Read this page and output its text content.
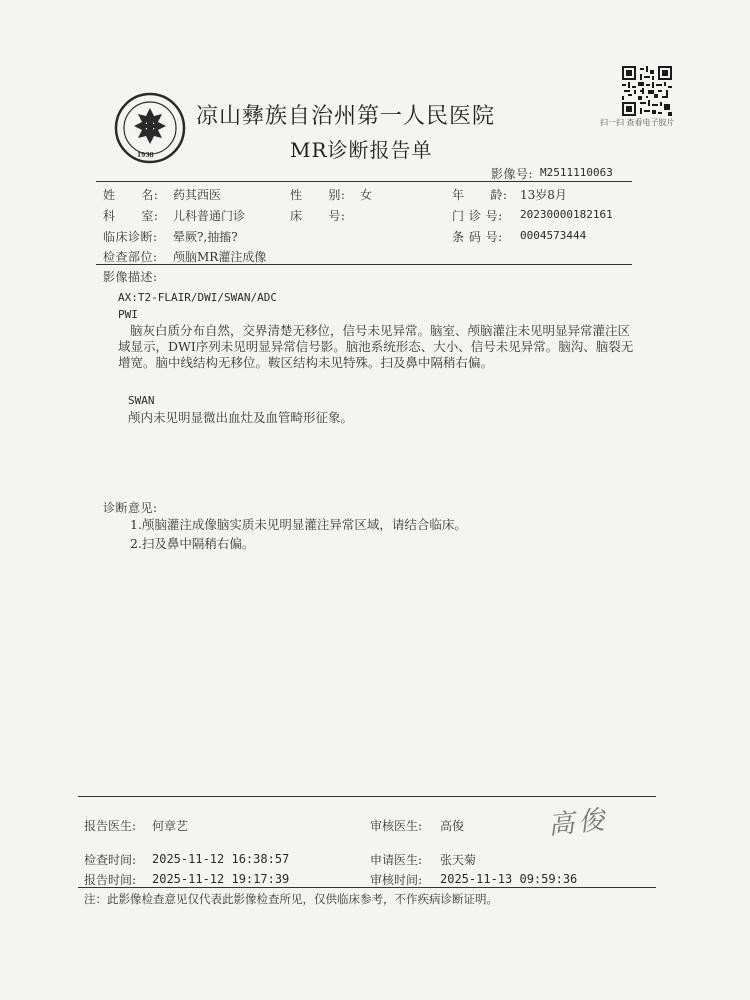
1938
凉山彝族自治州第一人民医院
MR诊断报告单
扫一扫 查看电子胶片
影像号: M2511110063
姓      名: 药其西医	性      别: 女	年      龄: 13岁8月
科      室: 儿科普通门诊	床      号:	门 诊 号: 20230000182161
临床诊断: 晕厥?,抽搐?	条 码 号: 0004573444
检查部位: 颅脑MR灌注成像
影像描述:
AX:T2-FLAIR/DWI/SWAN/ADC
PWI
脑灰白质分布自然，交界清楚无移位，信号未见异常。脑室、颅脑灌注未见明显异常灌注区域显示，DWI序列未见明显异常信号影。脑池系统形态、大小、信号未见异常。脑沟、脑裂无增宽。脑中线结构无移位。鞍区结构未见特殊。扫及鼻中隔稍右偏。
SWAN
颅内未见明显微出血灶及血管畸形征象。
诊断意见:
1.颅脑灌注成像脑实质未见明显灌注异常区域，请结合临床。
2.扫及鼻中隔稍右偏。
报告医生: 何章艺	审核医生: 高俊	高俊
检查时间: 2025-11-12 16:38:57	申请医生: 张天菊
报告时间: 2025-11-12 19:17:39	审核时间: 2025-11-13 09:59:36
注：此影像检查意见仅代表此影像检查所见，仅供临床参考，不作疾病诊断证明。
